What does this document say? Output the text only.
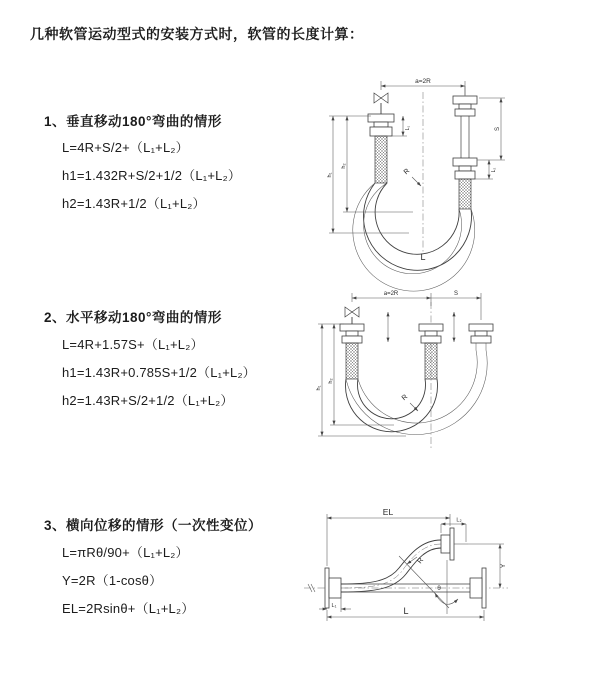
几种软管运动型式的安装方式时，软管的长度计算：
1、垂直移动180°弯曲的情形
L=4R+S/2+（L₁+L₂）
h1=1.432R+S/2+1/2（L₁+L₂）
h2=1.43R+1/2（L₁+L₂）
2、水平移动180°弯曲的情形
L=4R+1.57S+（L₁+L₂）
h1=1.43R+0.785S+1/2（L₁+L₂）
h2=1.43R+S/2+1/2（L₁+L₂）
3、横向位移的情形（一次性变位）
L=πRθ/90+（L₁+L₂）
Y=2R（1-cosθ）
EL=2Rsinθ+（L₁+L₂）
a=2R
h₂
h₁
L₁	S
L₂
R
L
a=2R	S
h₂
h₁
R
θ
R
EL
L₂
Y
L₁	L
